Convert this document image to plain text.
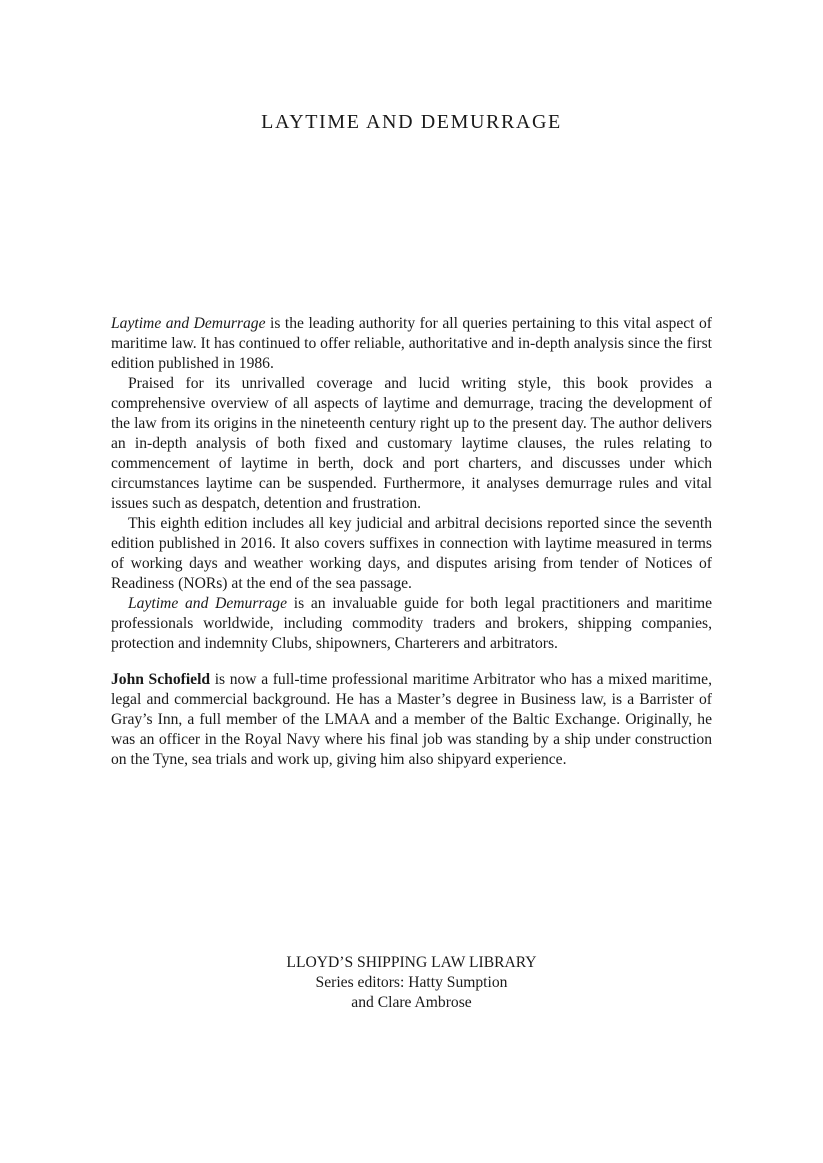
LAYTIME AND DEMURRAGE

Laytime and Demurrage is the leading authority for all queries pertaining to this vital aspect of maritime law. It has continued to offer reliable, authoritative and in-depth analysis since the first edition published in 1986.

Praised for its unrivalled coverage and lucid writing style, this book provides a comprehensive overview of all aspects of laytime and demurrage, tracing the development of the law from its origins in the nineteenth century right up to the present day. The author delivers an in-depth analysis of both fixed and customary laytime clauses, the rules relating to commencement of laytime in berth, dock and port charters, and discusses under which circumstances laytime can be suspended. Furthermore, it analyses demurrage rules and vital issues such as despatch, detention and frustration.

This eighth edition includes all key judicial and arbitral decisions reported since the seventh edition published in 2016. It also covers suffixes in connection with laytime measured in terms of working days and weather working days, and disputes arising from tender of Notices of Readiness (NORs) at the end of the sea passage.

Laytime and Demurrage is an invaluable guide for both legal practitioners and maritime professionals worldwide, including commodity traders and brokers, shipping companies, protection and indemnity Clubs, shipowners, Charterers and arbitrators.

John Schofield is now a full-time professional maritime Arbitrator who has a mixed maritime, legal and commercial background. He has a Master’s degree in Business law, is a Barrister of Gray’s Inn, a full member of the LMAA and a member of the Baltic Exchange. Originally, he was an officer in the Royal Navy where his final job was standing by a ship under construction on the Tyne, sea trials and work up, giving him also shipyard experience.

LLOYD’S SHIPPING LAW LIBRARY
Series editors: Hatty Sumption
and Clare Ambrose
